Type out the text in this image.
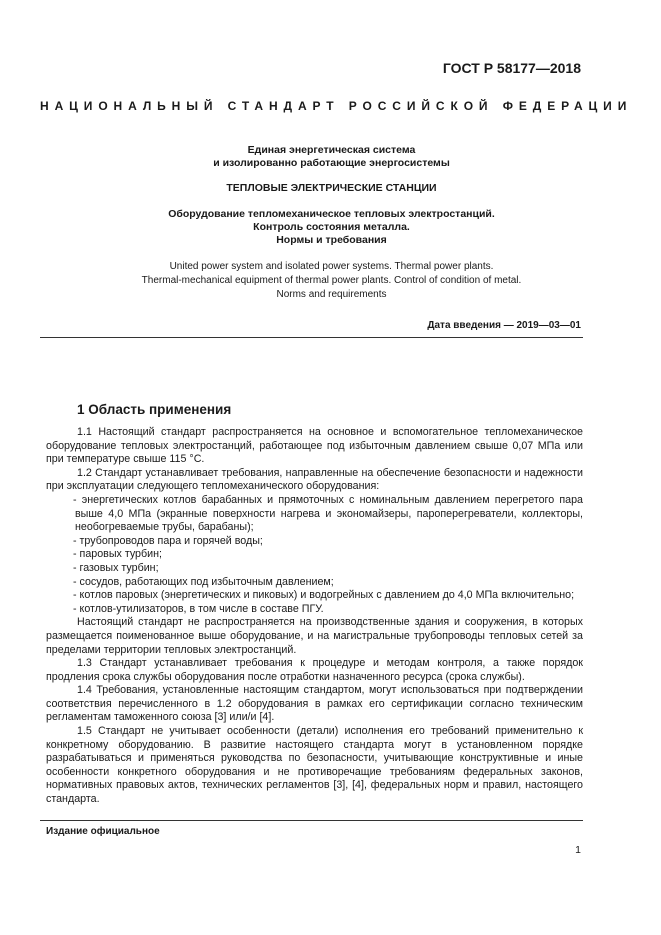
ГОСТ Р 58177—2018
НАЦИОНАЛЬНЫЙ СТАНДАРТ РОССИЙСКОЙ ФЕДЕРАЦИИ
Единая энергетическая система
и изолированно работающие энергосистемы
ТЕПЛОВЫЕ ЭЛЕКТРИЧЕСКИЕ СТАНЦИИ
Оборудование тепломеханическое тепловых электростанций.
Контроль состояния металла.
Нормы и требования
United power system and isolated power systems. Thermal power plants.
Thermal-mechanical equipment of thermal power plants. Control of condition of metal.
Norms and requirements
Дата введения — 2019—03—01
1 Область применения

1.1 Настоящий стандарт распространяется на основное и вспомогательное тепломеханическое оборудование тепловых электростанций, работающее под избыточным давлением свыше 0,07 МПа или при температуре свыше 115 °С.

1.2 Стандарт устанавливает требования, направленные на обеспечение безопасности и надежности при эксплуатации следующего тепломеханического оборудования:

- энергетических котлов барабанных и прямоточных с номинальным давлением перегретого пара выше 4,0 МПа (экранные поверхности нагрева и экономайзеры, пароперегреватели, коллекторы, необогреваемые трубы, барабаны);

- трубопроводов пара и горячей воды;

- паровых турбин;

- газовых турбин;

- сосудов, работающих под избыточным давлением;

- котлов паровых (энергетических и пиковых) и водогрейных с давлением до 4,0 МПа включительно;

- котлов-утилизаторов, в том числе в составе ПГУ.

Настоящий стандарт не распространяется на производственные здания и сооружения, в которых размещается поименованное выше оборудование, и на магистральные трубопроводы тепловых сетей за пределами территории тепловых электростанций.

1.3 Стандарт устанавливает требования к процедуре и методам контроля, а также порядок продления срока службы оборудования после отработки назначенного ресурса (срока службы).

1.4 Требования, установленные настоящим стандартом, могут использоваться при подтверждении соответствия перечисленного в 1.2 оборудования в рамках его сертификации согласно техническим регламентам таможенного союза [3] или/и [4].

1.5 Стандарт не учитывает особенности (детали) исполнения его требований применительно к конкретному оборудованию. В развитие настоящего стандарта могут в установленном порядке разрабатываться и применяться руководства по безопасности, учитывающие конструктивные и иные особенности конкретного оборудования и не противоречащие требованиям федеральных законов, нормативных правовых актов, технических регламентов [3], [4], федеральных норм и правил, настоящего стандарта.

Издание официальное
1
